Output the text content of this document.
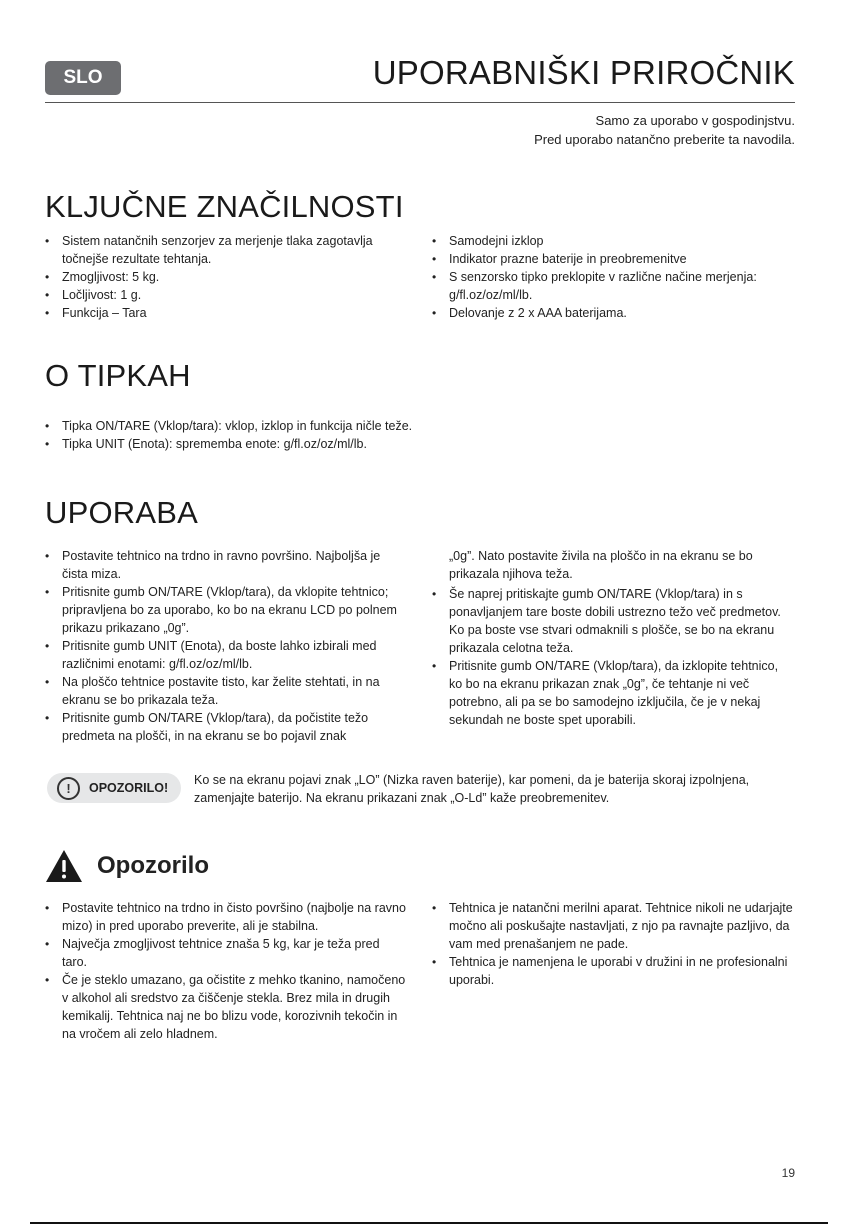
SLO	UPORABNIŠKI PRIROČNIK
Samo za uporabo v gospodinjstvu.
Pred uporabo natančno preberite ta navodila.
KLJUČNE ZNAČILNOSTI
• Sistem natančnih senzorjev za merjenje tlaka zagotavlja točnejše rezultate tehtanja.
• Zmogljivost: 5 kg.
• Ločljivost: 1 g.
• Funkcija – Tara
• Samodejni izklop
• Indikator prazne baterije in preobremenitve
• S senzorsko tipko preklopite v različne načine merjenja: g/fl.oz/oz/ml/lb.
• Delovanje z 2 x AAA baterijama.
O TIPKAH
• Tipka ON/TARE (Vklop/tara): vklop, izklop in funkcija ničle teže.
• Tipka UNIT (Enota): sprememba enote: g/fl.oz/oz/ml/lb.
UPORABA
• Postavite tehtnico na trdno in ravno površino. Najboljša je čista miza.
• Pritisnite gumb ON/TARE (Vklop/tara), da vklopite tehtnico; pripravljena bo za uporabo, ko bo na ekranu LCD po polnem prikazu prikazano „0g”.
• Pritisnite gumb UNIT (Enota), da boste lahko izbirali med različnimi enotami: g/fl.oz/oz/ml/lb.
• Na ploščo tehtnice postavite tisto, kar želite stehtati, in na ekranu se bo prikazala teža.
• Pritisnite gumb ON/TARE (Vklop/tara), da počistite težo predmeta na plošči, in na ekranu se bo pojavil znak
„0g”. Nato postavite živila na ploščo in na ekranu se bo prikazala njihova teža.
• Še naprej pritiskajte gumb ON/TARE (Vklop/tara) in s ponavljanjem tare boste dobili ustrezno težo več predmetov. Ko pa boste vse stvari odmaknili s plošče, se bo na ekranu prikazala celotna teža.
• Pritisnite gumb ON/TARE (Vklop/tara), da izklopite tehtnico, ko bo na ekranu prikazan znak „0g”, če tehtanje ni več potrebno, ali pa se bo samodejno izključila, če je v nekaj sekundah ne boste spet uporabili.
!	OPOZORILO!
Ko se na ekranu pojavi znak „LO” (Nizka raven baterije), kar pomeni, da je baterija skoraj izpolnjena, zamenjajte baterijo. Na ekranu prikazani znak „O-Ld” kaže preobremenitev.
Opozorilo
• Postavite tehtnico na trdno in čisto površino (najbolje na ravno mizo) in pred uporabo preverite, ali je stabilna.
• Največja zmogljivost tehtnice znaša 5 kg, kar je teža pred taro.
• Če je steklo umazano, ga očistite z mehko tkanino, namočeno v alkohol ali sredstvo za čiščenje stekla. Brez mila in drugih kemikalij. Tehtnica naj ne bo blizu vode, korozivnih tekočin in na vročem ali zelo hladnem.
• Tehtnica je natančni merilni aparat. Tehtnice nikoli ne udarjajte močno ali poskušajte nastavljati, z njo pa ravnajte pazljivo, da vam med prenašanjem ne pade.
• Tehtnica je namenjena le uporabi v družini in ne profesionalni uporabi.
19
